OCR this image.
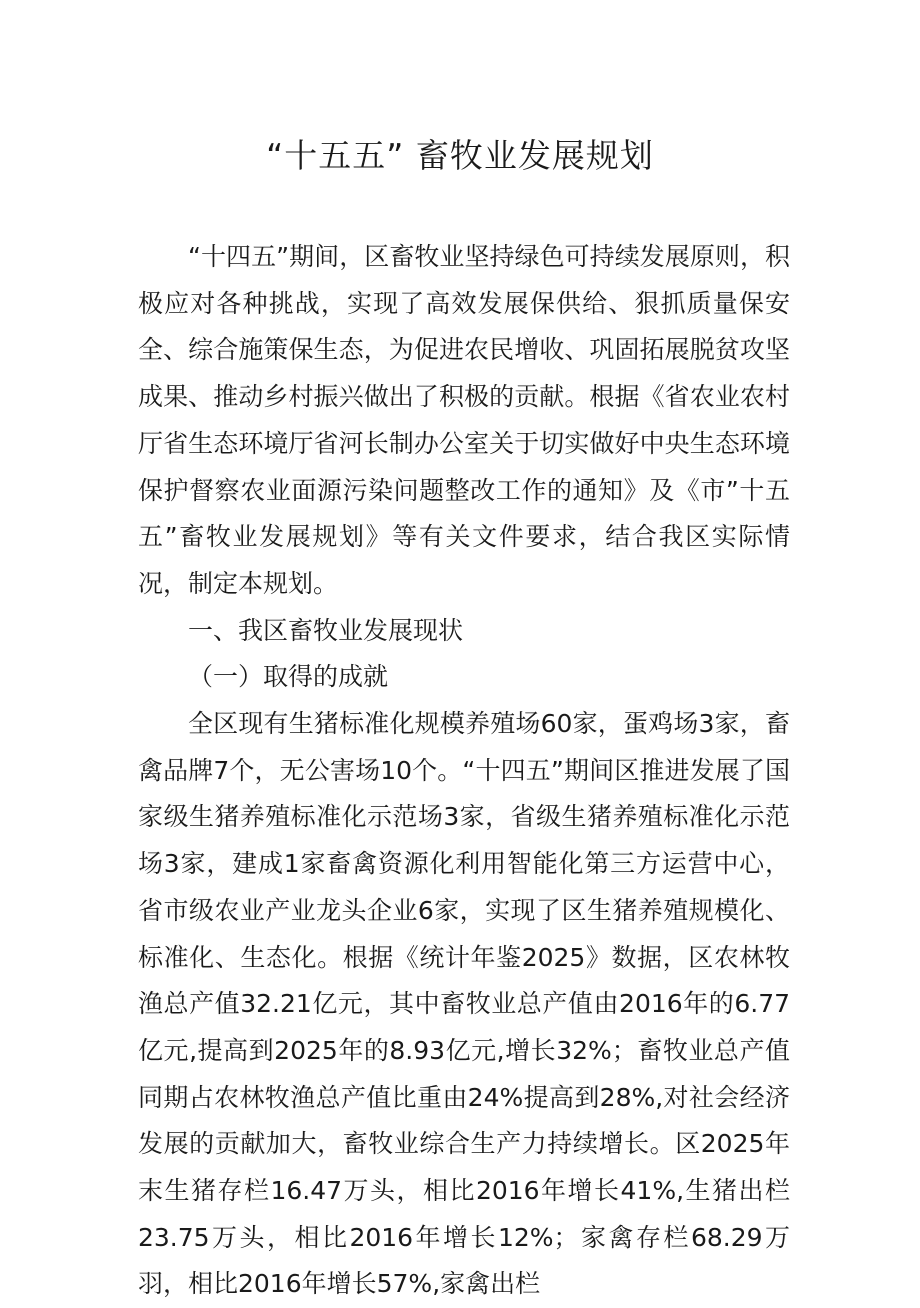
“十五五” 畜牧业发展规划

“十四五”期间，区畜牧业坚持绿色可持续发展原则，积极应对各种挑战，实现了高效发展保供给、狠抓质量保安全、综合施策保生态，为促进农民增收、巩固拓展脱贫攻坚成果、推动乡村振兴做出了积极的贡献。根据《省农业农村厅省生态环境厅省河长制办公室关于切实做好中央生态环境保护督察农业面源污染问题整改工作的通知》及《市”十五五”畜牧业发展规划》等有关文件要求，结合我区实际情况，制定本规划。

一、我区畜牧业发展现状

（一）取得的成就

全区现有生猪标准化规模养殖场60家，蛋鸡场3家，畜禽品牌7个，无公害场10个。“十四五”期间区推进发展了国家级生猪养殖标准化示范场3家，省级生猪养殖标准化示范场3家，建成1家畜禽资源化利用智能化第三方运营中心，省市级农业产业龙头企业6家，实现了区生猪养殖规模化、标准化、生态化。根据《统计年鉴2025》数据，区农林牧渔总产值32.21亿元，其中畜牧业总产值由2016年的6.77亿元,提高到2025年的8.93亿元,增长32%；畜牧业总产值同期占农林牧渔总产值比重由24%提高到28%,对社会经济发展的贡献加大，畜牧业综合生产力持续增长。区2025年末生猪存栏16.47万头，相比2016年增长41%,生猪出栏23.75万头，相比2016年增长12%；家禽存栏68.29万羽，相比2016年增长57%,家禽出栏
